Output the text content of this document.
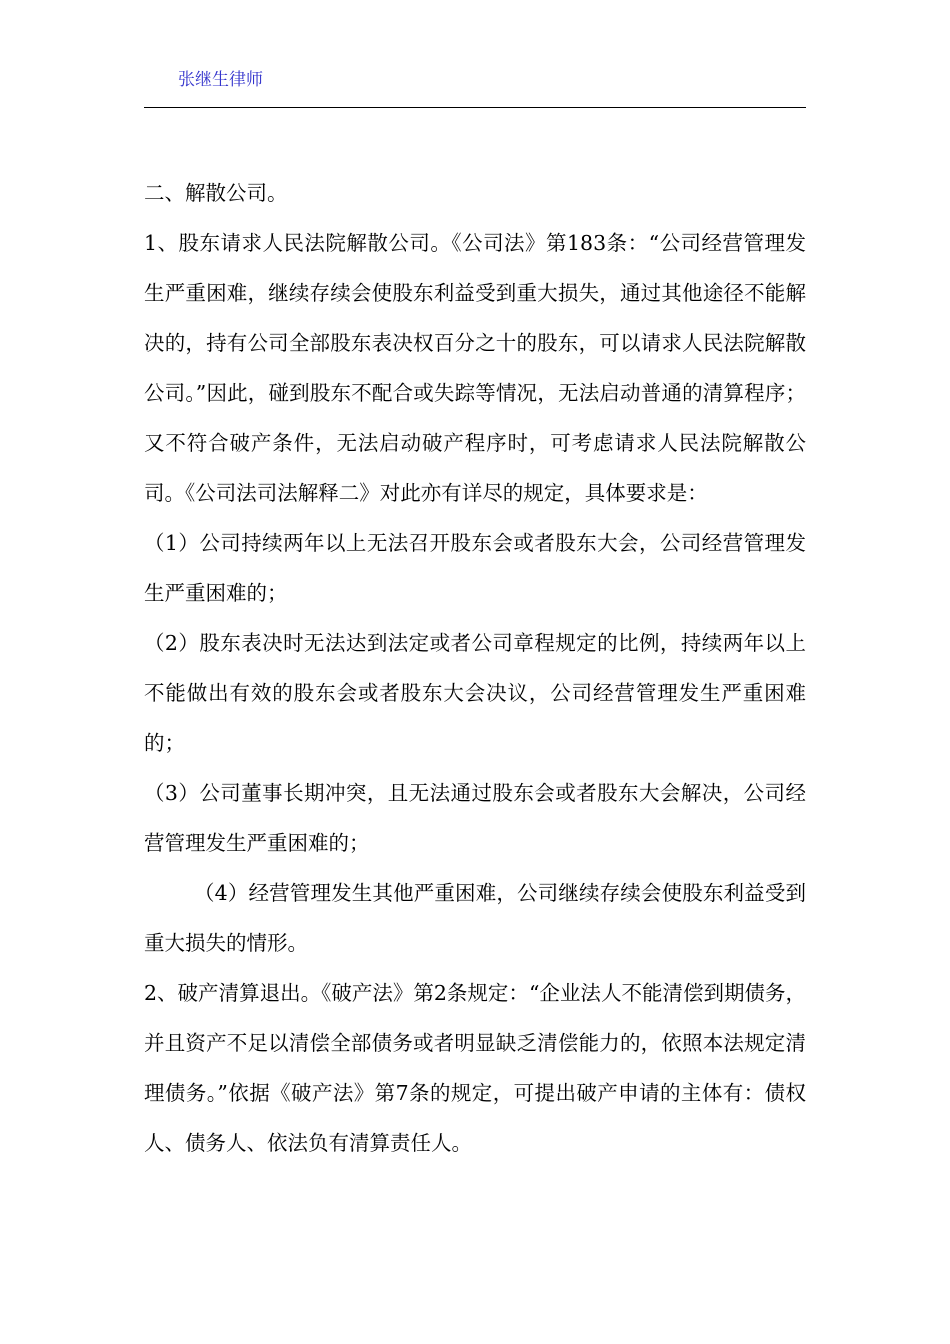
张继生律师

二、解散公司。

1、股东请求人民法院解散公司。《公司法》第183条：“公司经营管理发生严重困难，继续存续会使股东利益受到重大损失，通过其他途径不能解决的，持有公司全部股东表决权百分之十的股东，可以请求人民法院解散公司。”因此，碰到股东不配合或失踪等情况，无法启动普通的清算程序；又不符合破产条件，无法启动破产程序时，可考虑请求人民法院解散公司。《公司法司法解释二》对此亦有详尽的规定，具体要求是：

（1）公司持续两年以上无法召开股东会或者股东大会，公司经营管理发生严重困难的；

（2）股东表决时无法达到法定或者公司章程规定的比例，持续两年以上不能做出有效的股东会或者股东大会决议，公司经营管理发生严重困难的；

（3）公司董事长期冲突，且无法通过股东会或者股东大会解决，公司经营管理发生严重困难的；

（4）经营管理发生其他严重困难，公司继续存续会使股东利益受到重大损失的情形。

2、破产清算退出。《破产法》第2条规定：“企业法人不能清偿到期债务，并且资产不足以清偿全部债务或者明显缺乏清偿能力的，依照本法规定清理债务。”依据《破产法》第7条的规定，可提出破产申请的主体有：债权人、债务人、依法负有清算责任人。
